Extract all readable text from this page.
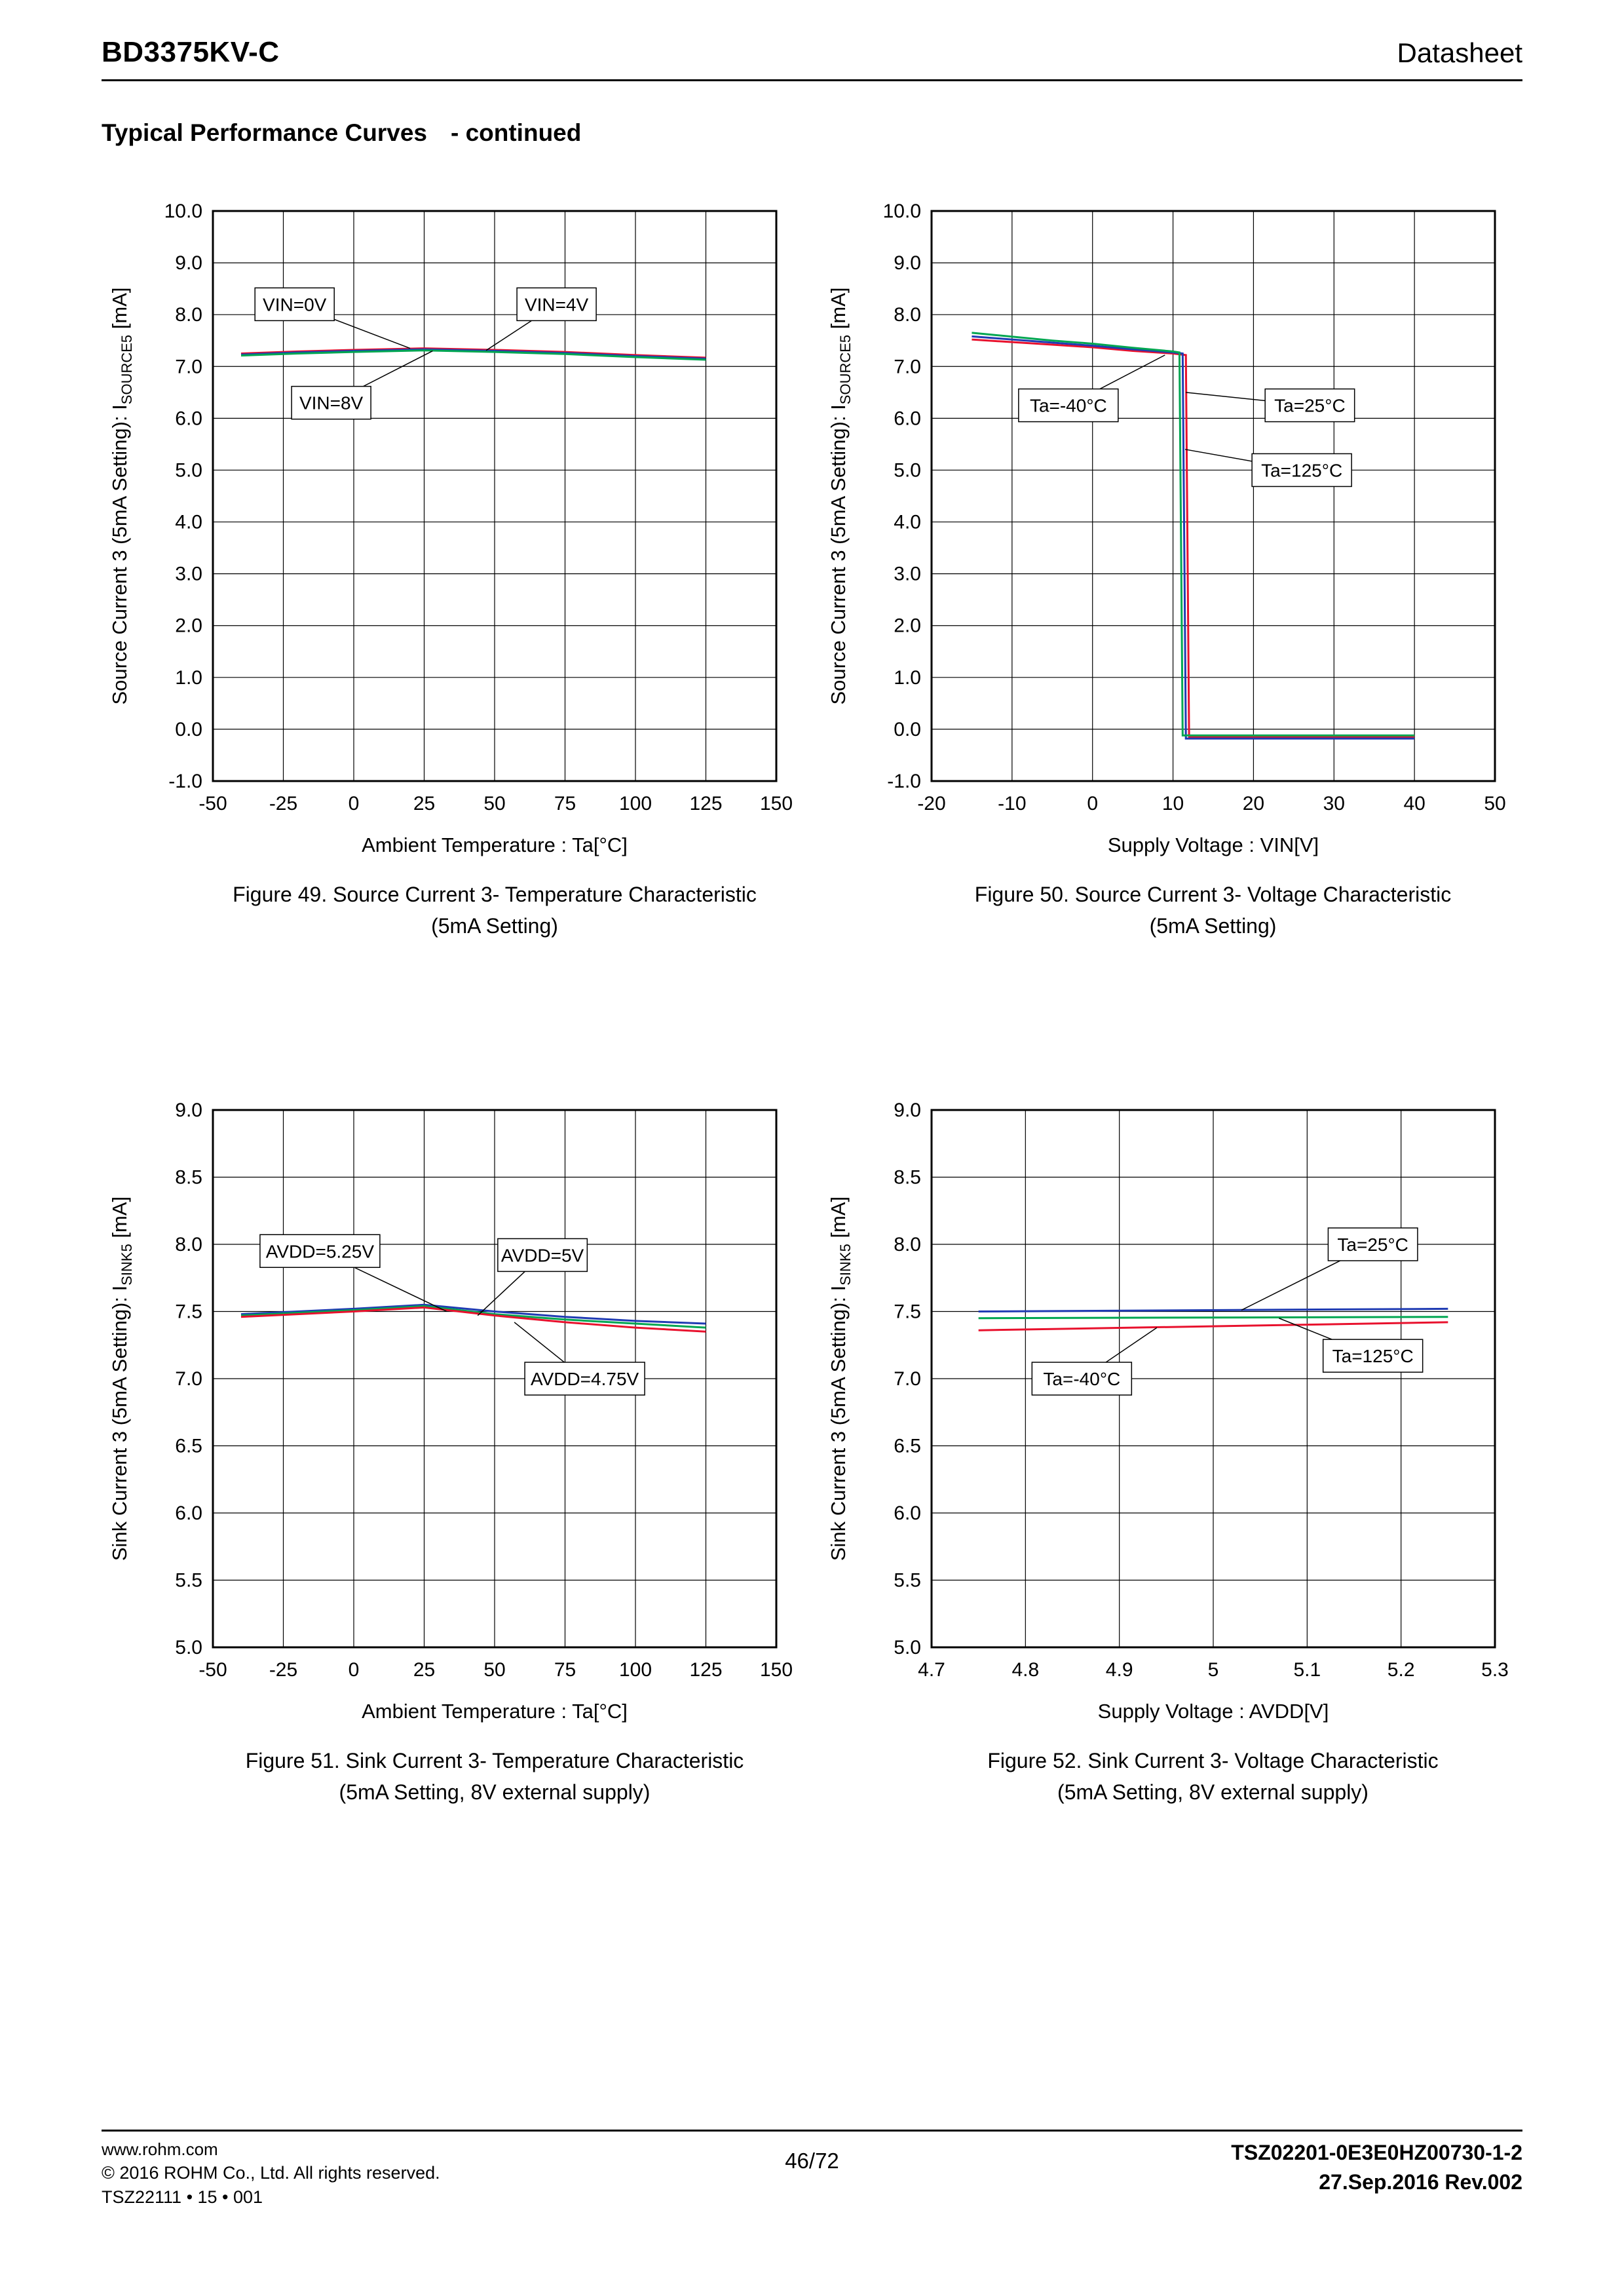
BD3375KV-C	Datasheet
Typical Performance Curves - continued
-50 -25	0	25 50 75 100 125 150
10.0
9.0
8.0
7.0
6.0
5.0
4.0
3.0
2.0
1.0
0.0
-1.0
Ambient Temperature : Ta[°C]
Source Current 3 (5mA Setting): $I_{SOURCE5}$ [mA]	VIN=0V	VIN=4V
VIN=8V
Figure 49. Source Current 3- Temperature Characteristic
(5mA Setting)
-20	-10	0	10	20	30	40	50
10.0
9.0
8.0
7.0
6.0
5.0
4.0
3.0
2.0
1.0
0.0
-1.0
Supply Voltage : VIN[V]
Source Current 3 (5mA Setting): $I_{SOURCE5}$ [mA]
Ta=-40°C	Ta=25°C
Ta=125°C
Figure 50. Source Current 3- Voltage Characteristic
(5mA Setting)
-50 -25	0	25 50 75 100 125 150
9.0
8.5
8.0
7.5
7.0
6.5
6.0
5.5
5.0
Ambient Temperature : Ta[°C]
Sink Current 3 (5mA Setting): $I_{SINK5}$ [mA]
AVDD=5.25V	AVDD=5V
AVDD=4.75V
Figure 51. Sink Current 3- Temperature Characteristic
(5mA Setting, 8V external supply)
4.7	4.8	4.9	5	5.1	5.2	5.3
9.0
8.5
8.0
7.5
7.0
6.5
6.0
5.5
5.0
Supply Voltage : AVDD[V]
Sink Current 3 (5mA Setting): $I_{SINK5}$ [mA]
Ta=25°C
Ta=125°C
Ta=-40°C
Figure 52. Sink Current 3- Voltage Characteristic
(5mA Setting, 8V external supply)
www.rohm.com
© 2016 ROHM Co., Ltd. All rights reserved.
TSZ22111 • 15 • 001
46/72	TSZ02201-0E3E0HZ00730-1-2
27.Sep.2016 Rev.002
